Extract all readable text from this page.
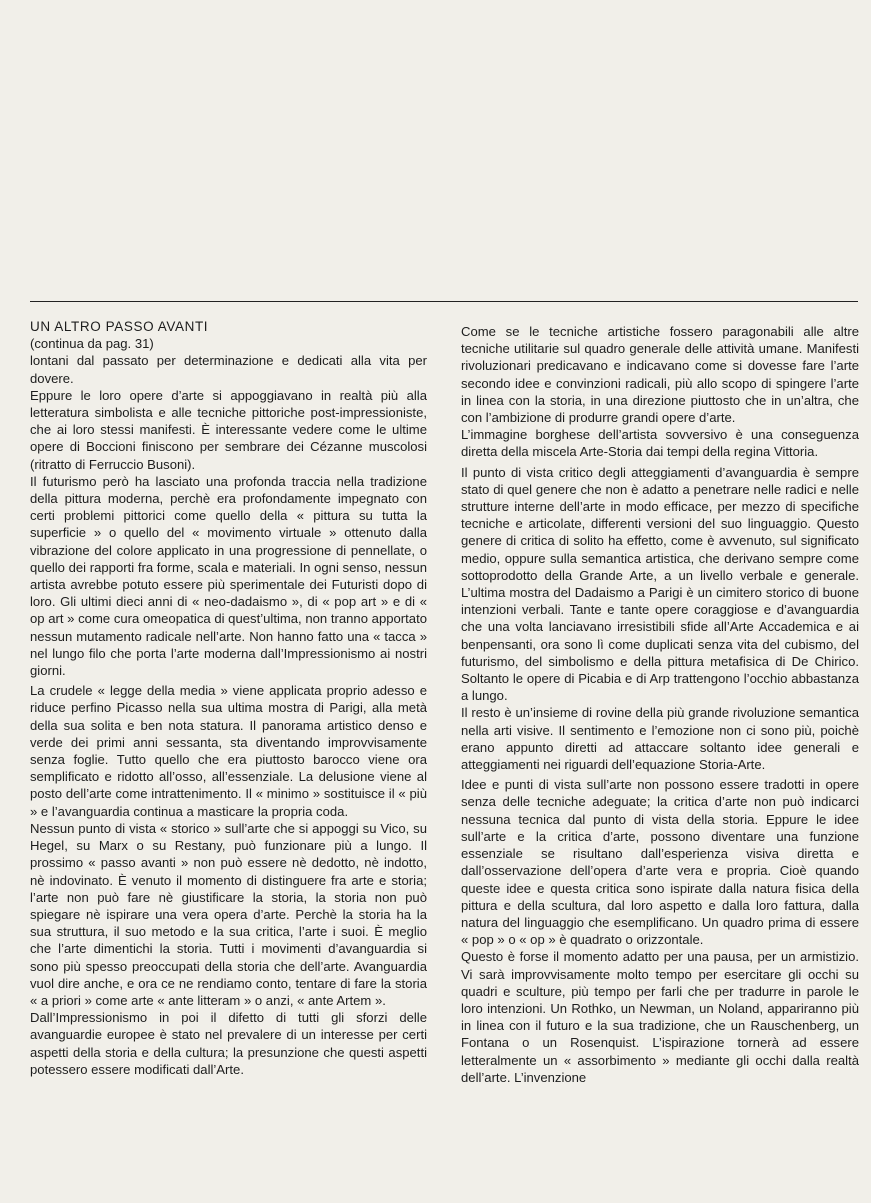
UN ALTRO PASSO AVANTI

(continua da pag. 31)

lontani dal passato per determinazione e dedicati alla vita per dovere.

Eppure le loro opere d’arte si appoggiavano in realtà più alla letteratura simbolista e alle tecniche pittoriche post-impressioniste, che ai loro stessi manifesti. È interessante vedere come le ultime opere di Boccioni finiscono per sembrare dei Cézanne muscolosi (ritratto di Ferruccio Busoni).

Il futurismo però ha lasciato una profonda traccia nella tradizione della pittura moderna, perchè era profondamente impegnato con certi problemi pittorici come quello della « pittura su tutta la superficie » o quello del « movimento virtuale » ottenuto dalla vibrazione del colore applicato in una progressione di pennellate, o quello dei rapporti fra forme, scala e materiali. In ogni senso, nessun artista avrebbe potuto essere più sperimentale dei Futuristi dopo di loro. Gli ultimi dieci anni di « neo-dadaismo », di « pop art » e di « op art » come cura omeopatica di quest’ultima, non tranno apportato nessun mutamento radicale nell’arte. Non hanno fatto una « tacca » nel lungo filo che porta l’arte moderna dall’Impressionismo ai nostri giorni.

La crudele « legge della media » viene applicata proprio adesso e riduce perfino Picasso nella sua ultima mostra di Parigi, alla metà della sua solita e ben nota statura. Il panorama artistico denso e verde dei primi anni sessanta, sta diventando improvvisamente senza foglie. Tutto quello che era piuttosto barocco viene ora semplificato e ridotto all’osso, all’essenziale. La delusione viene al posto dell’arte come intrattenimento. Il « minimo » sostituisce il « più » e l’avanguardia continua a masticare la propria coda.

Nessun punto di vista « storico » sull’arte che si appoggi su Vico, su Hegel, su Marx o su Restany, può funzionare più a lungo. Il prossimo « passo avanti » non può essere nè dedotto, nè indotto, nè indovinato. È venuto il momento di distinguere fra arte e storia; l’arte non può fare nè giustificare la storia, la storia non può spiegare nè ispirare una vera opera d’arte. Perchè la storia ha la sua struttura, il suo metodo e la sua critica, l’arte i suoi. È meglio che l’arte dimentichi la storia. Tutti i movimenti d’avanguardia si sono più spesso preoccupati della storia che dell’arte. Avanguardia vuol dire anche, e ora ce ne rendiamo conto, tentare di fare la storia « a priori » come arte « ante litteram » o anzi, « ante Artem ».

Dall’Impressionismo in poi il difetto di tutti gli sforzi delle avanguardie europee è stato nel prevalere di un interesse per certi aspetti della storia e della cultura; la presunzione che questi aspetti potessero essere modificati dall’Arte.

Come se le tecniche artistiche fossero paragonabili alle altre tecniche utilitarie sul quadro generale delle attività umane. Manifesti rivoluzionari predicavano e indicavano come si dovesse fare l’arte secondo idee e convinzioni radicali, più allo scopo di spingere l’arte in linea con la storia, in una direzione piuttosto che in un’altra, che con l’ambizione di produrre grandi opere d’arte.

L’immagine borghese dell’artista sovversivo è una conseguenza diretta della miscela Arte-Storia dai tempi della regina Vittoria.

Il punto di vista critico degli atteggiamenti d’avanguardia è sempre stato di quel genere che non è adatto a penetrare nelle radici e nelle strutture interne dell’arte in modo efficace, per mezzo di specifiche tecniche e articolate, differenti versioni del suo linguaggio. Questo genere di critica di solito ha effetto, come è avvenuto, sul significato medio, oppure sulla semantica artistica, che derivano sempre come sottoprodotto della Grande Arte, a un livello verbale e generale. L’ultima mostra del Dadaismo a Parigi è un cimitero storico di buone intenzioni verbali. Tante e tante opere coraggiose e d’avanguardia che una volta lanciavano irresistibili sfide all’Arte Accademica e ai benpensanti, ora sono lì come duplicati senza vita del cubismo, del futurismo, del simbolismo e della pittura metafisica di De Chirico. Soltanto le opere di Picabia e di Arp trattengono l’occhio abbastanza a lungo.

Il resto è un’insieme di rovine della più grande rivoluzione semantica nella arti visive. Il sentimento e l’emozione non ci sono più, poichè erano appunto diretti ad attaccare soltanto idee generali e atteggiamenti nei riguardi dell’equazione Storia-Arte.

Idee e punti di vista sull’arte non possono essere tradotti in opere senza delle tecniche adeguate; la critica d’arte non può indicarci nessuna tecnica dal punto di vista della storia. Eppure le idee sull’arte e la critica d’arte, possono diventare una funzione essenziale se risultano dall’esperienza visiva diretta e dall’osservazione dell’opera d’arte vera e propria. Cioè quando queste idee e questa critica sono ispirate dalla natura fisica della pittura e della scultura, dal loro aspetto e dalla loro fattura, dalla natura del linguaggio che esemplificano. Un quadro prima di essere « pop » o « op » è quadrato o orizzontale.

Questo è forse il momento adatto per una pausa, per un armistizio. Vi sarà improvvisamente molto tempo per esercitare gli occhi su quadri e sculture, più tempo per farli che per tradurre in parole le loro intenzioni. Un Rothko, un Newman, un Noland, appariranno più in linea con il futuro e la sua tradizione, che un Rauschenberg, un Fontana o un Rosenquist. L’ispirazione tornerà ad essere letteralmente un « assorbimento » mediante gli occhi dalla realtà dell’arte. L’invenzione
